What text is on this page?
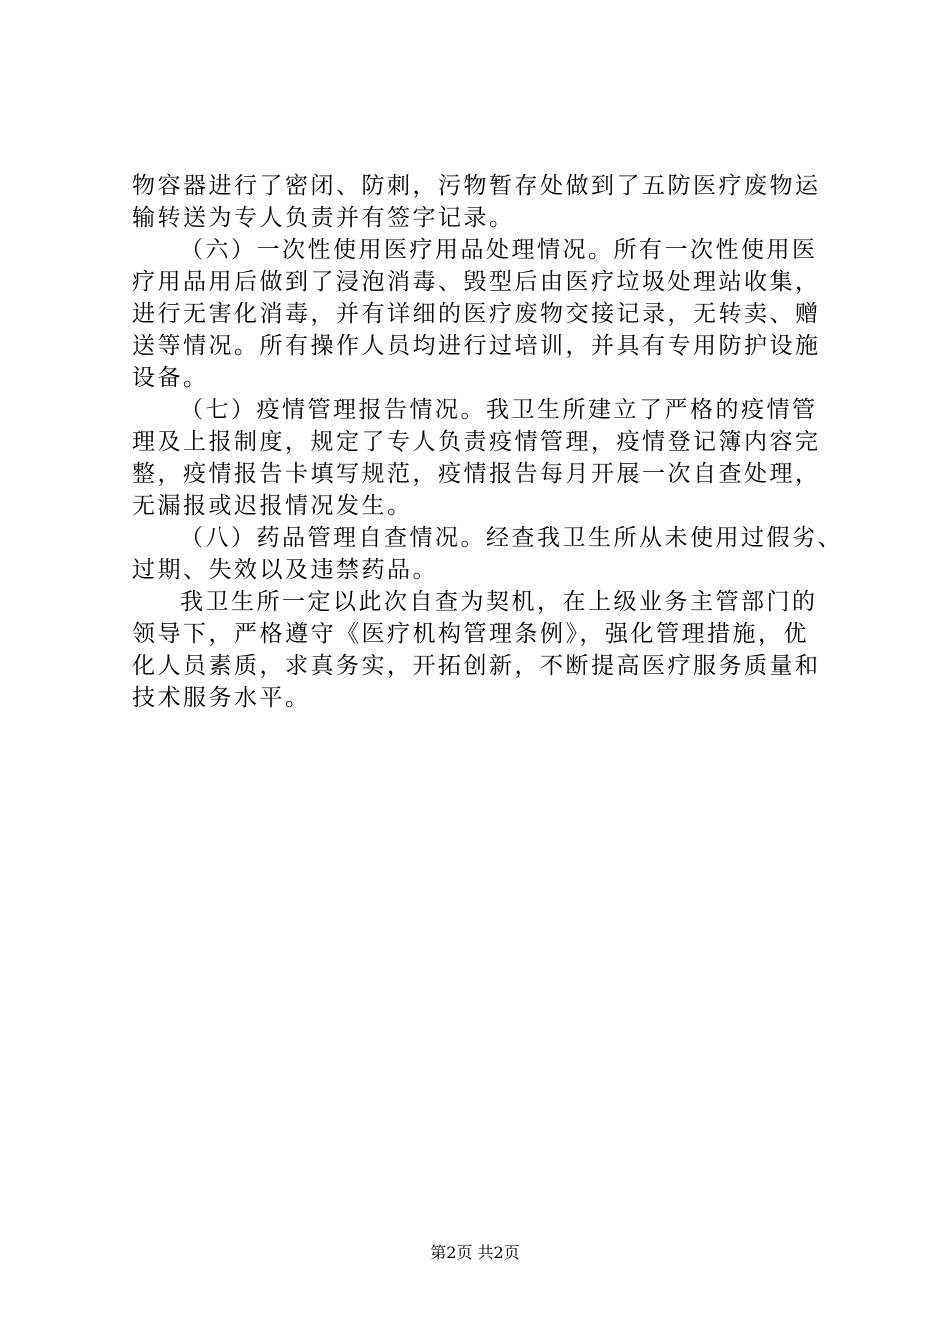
物容器进行了密闭、防刺，污物暂存处做到了五防医疗废物运
输转送为专人负责并有签字记录。
（六）一次性使用医疗用品处理情况。所有一次性使用医
疗用品用后做到了浸泡消毒、毁型后由医疗垃圾处理站收集，
进行无害化消毒，并有详细的医疗废物交接记录，无转卖、赠
送等情况。所有操作人员均进行过培训，并具有专用防护设施
设备。
（七）疫情管理报告情况。我卫生所建立了严格的疫情管
理及上报制度，规定了专人负责疫情管理，疫情登记簿内容完
整，疫情报告卡填写规范，疫情报告每月开展一次自查处理，
无漏报或迟报情况发生。
（八）药品管理自查情况。经查我卫生所从未使用过假劣、
过期、失效以及违禁药品。
我卫生所一定以此次自查为契机，在上级业务主管部门的
领导下，严格遵守《医疗机构管理条例》，强化管理措施，优
化人员素质，求真务实，开拓创新，不断提高医疗服务质量和
技术服务水平。
第2页 共2页
